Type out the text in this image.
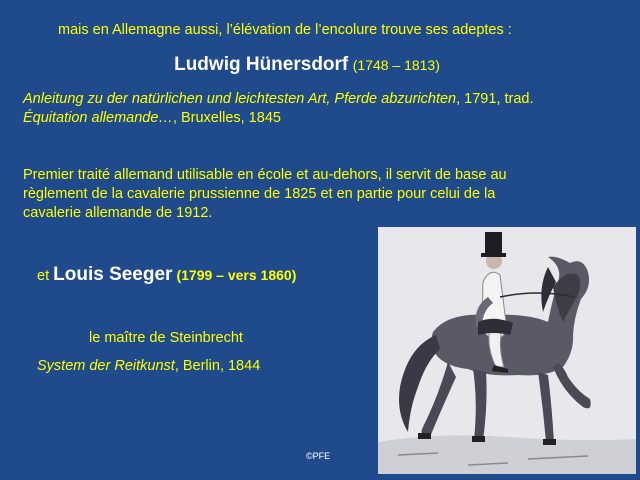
mais en Allemagne aussi, l’élévation de l’encolure trouve ses adeptes :
Ludwig Hünersdorf (1748 – 1813)
Anleitung zu der natürlichen und leichtesten Art, Pferde abzurichten, 1791, trad.
Équitation allemande…, Bruxelles, 1845
Premier traité allemand utilisable en école et au-dehors, il servit de base au
règlement de la cavalerie prussienne de 1825 et en partie pour celui de la
cavalerie allemande de 1912.
et Louis Seeger (1799 – vers 1860)
le maître de Steinbrecht
System der Reitkunst, Berlin, 1844
©PFE
